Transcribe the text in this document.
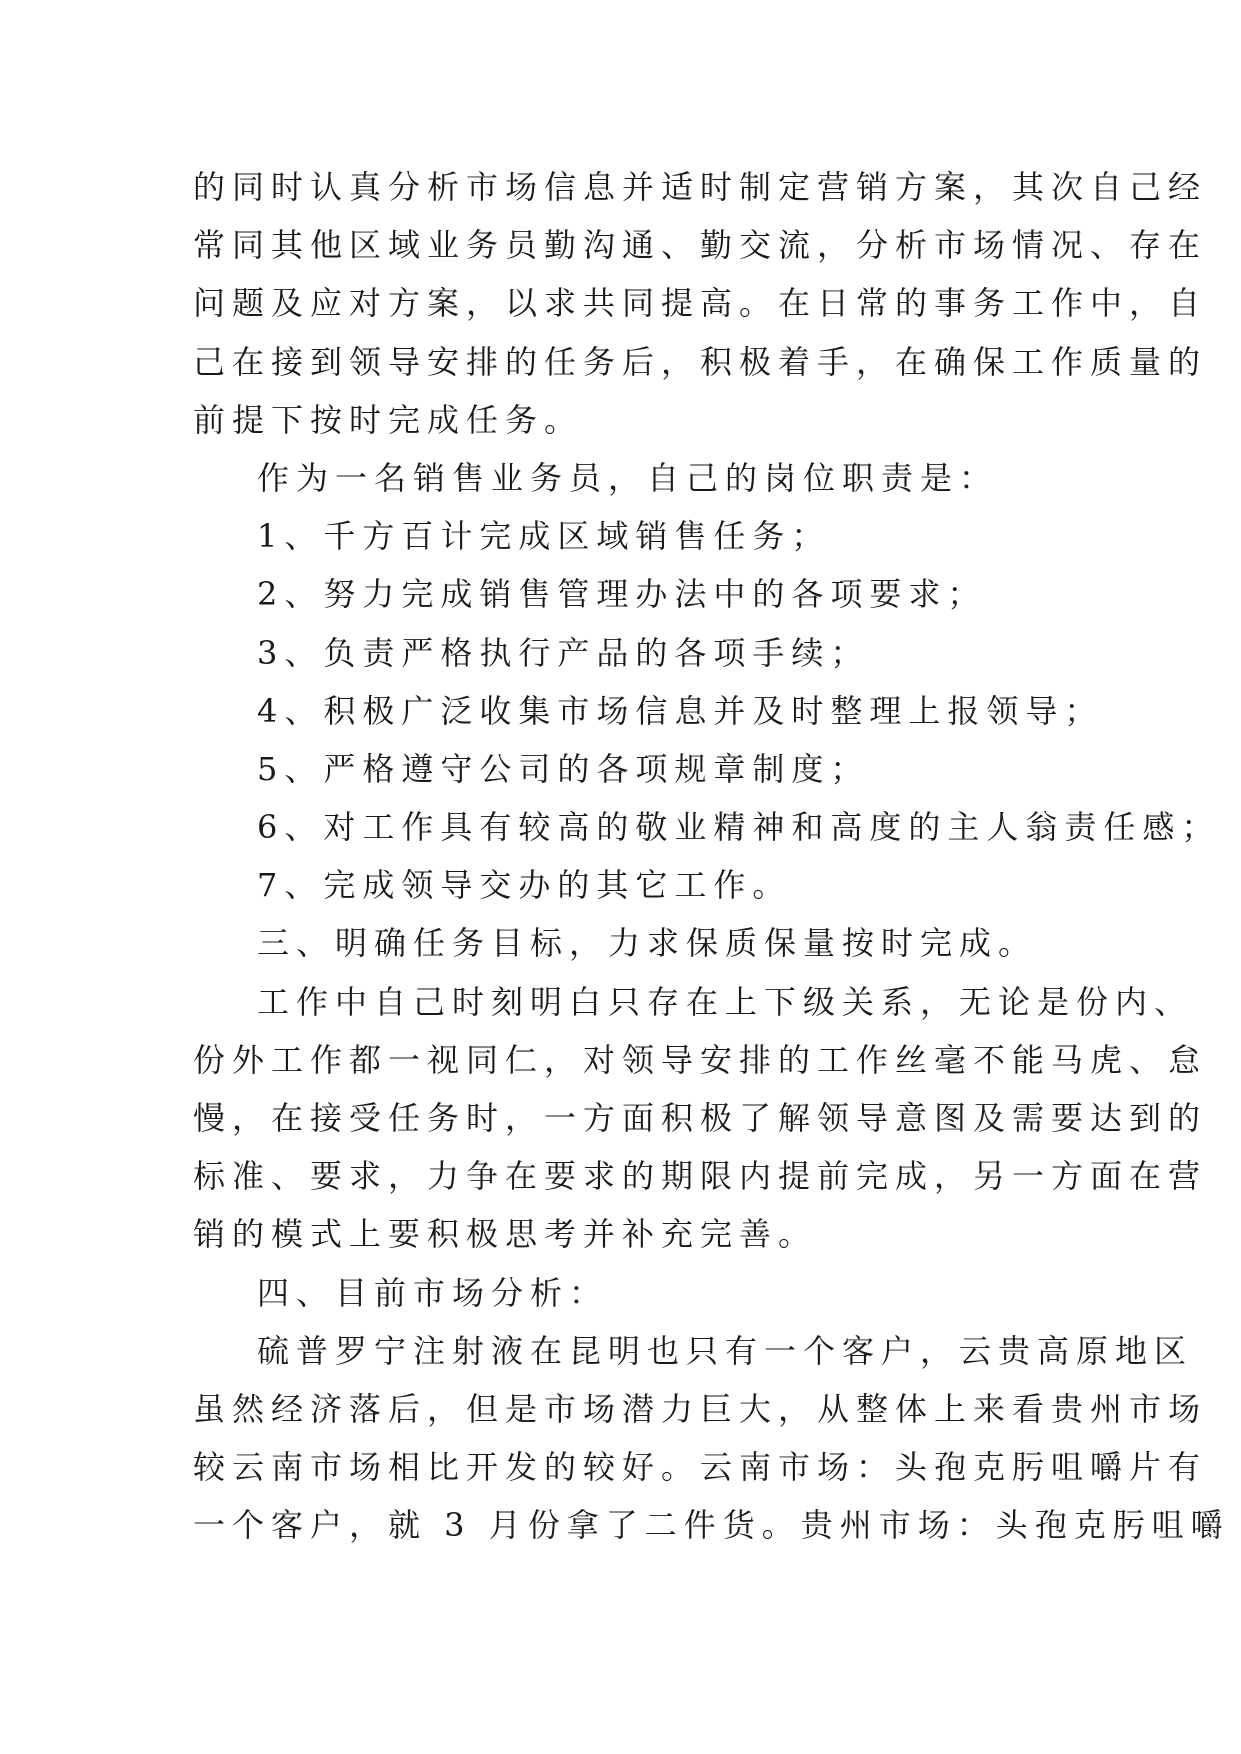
的同时认真分析市场信息并适时制定营销方案，其次自己经
常同其他区域业务员勤沟通、勤交流，分析市场情况、存在
问题及应对方案，以求共同提高。在日常的事务工作中，自
己在接到领导安排的任务后，积极着手，在确保工作质量的
前提下按时完成任务。
作为一名销售业务员，自己的岗位职责是：
1、千方百计完成区域销售任务；
2、努力完成销售管理办法中的各项要求；
3、负责严格执行产品的各项手续；
4、积极广泛收集市场信息并及时整理上报领导；
5、严格遵守公司的各项规章制度；
6、对工作具有较高的敬业精神和高度的主人翁责任感；
7、完成领导交办的其它工作。
三、明确任务目标，力求保质保量按时完成。
工作中自己时刻明白只存在上下级关系，无论是份内、
份外工作都一视同仁，对领导安排的工作丝毫不能马虎、怠
慢，在接受任务时，一方面积极了解领导意图及需要达到的
标准、要求，力争在要求的期限内提前完成，另一方面在营
销的模式上要积极思考并补充完善。
四、目前市场分析：
硫普罗宁注射液在昆明也只有一个客户，云贵高原地区
虽然经济落后，但是市场潜力巨大，从整体上来看贵州市场
较云南市场相比开发的较好。云南市场：头孢克肟咀嚼片有
一个客户，就 3 月份拿了二件货。贵州市场：头孢克肟咀嚼
